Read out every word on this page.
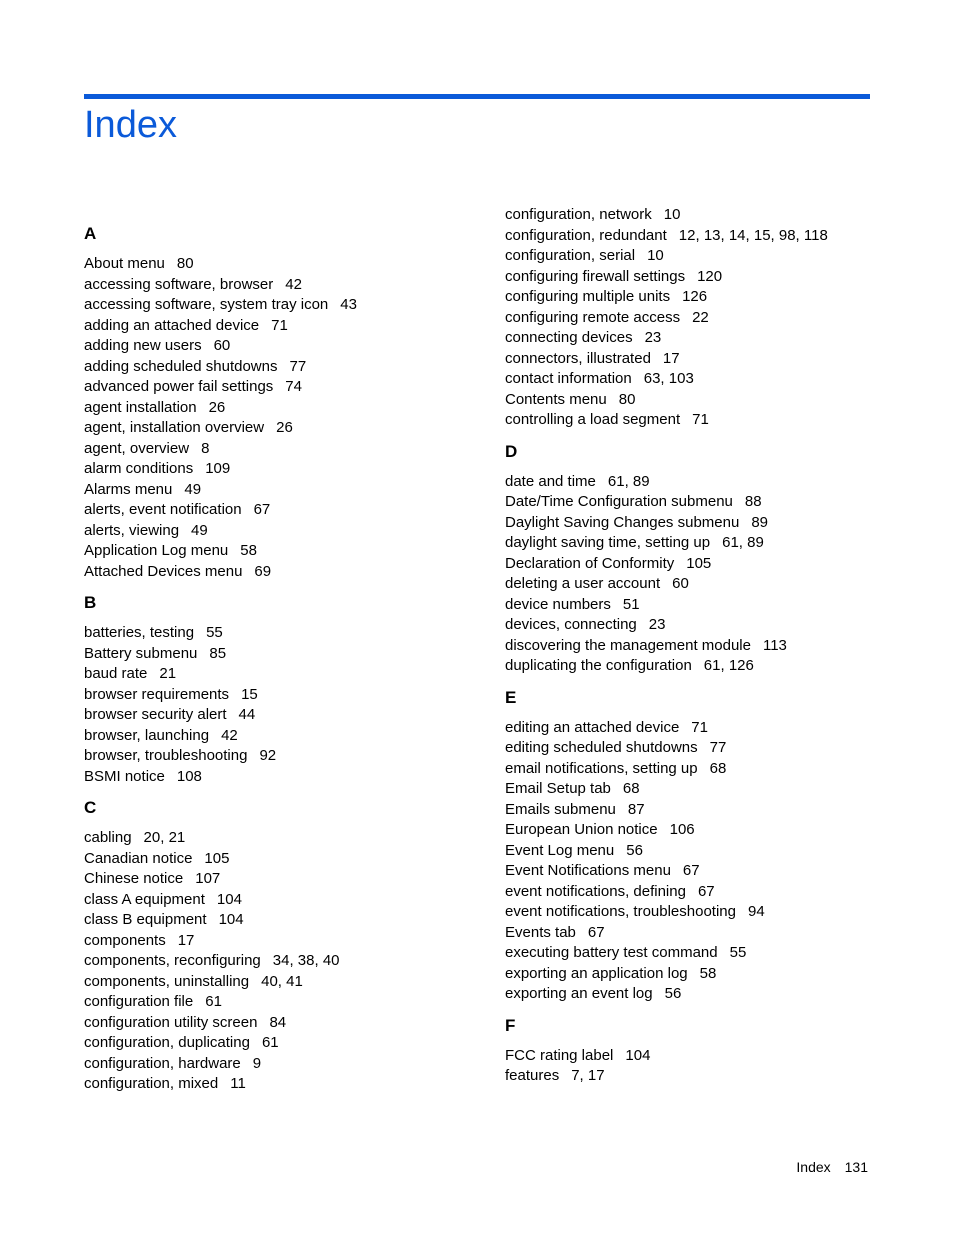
Index
A
About menu 80
accessing software, browser 42
accessing software, system tray icon 43
adding an attached device 71
adding new users 60
adding scheduled shutdowns 77
advanced power fail settings 74
agent installation 26
agent, installation overview 26
agent, overview 8
alarm conditions 109
Alarms menu 49
alerts, event notification 67
alerts, viewing 49
Application Log menu 58
Attached Devices menu 69
B
batteries, testing 55
Battery submenu 85
baud rate 21
browser requirements 15
browser security alert 44
browser, launching 42
browser, troubleshooting 92
BSMI notice 108
C
cabling 20, 21
Canadian notice 105
Chinese notice 107
class A equipment 104
class B equipment 104
components 17
components, reconfiguring 34, 38, 40
components, uninstalling 40, 41
configuration file 61
configuration utility screen 84
configuration, duplicating 61
configuration, hardware 9
configuration, mixed 11
configuration, network 10
configuration, redundant 12, 13, 14, 15, 98, 118
configuration, serial 10
configuring firewall settings 120
configuring multiple units 126
configuring remote access 22
connecting devices 23
connectors, illustrated 17
contact information 63, 103
Contents menu 80
controlling a load segment 71
D
date and time 61, 89
Date/Time Configuration submenu 88
Daylight Saving Changes submenu 89
daylight saving time, setting up 61, 89
Declaration of Conformity 105
deleting a user account 60
device numbers 51
devices, connecting 23
discovering the management module 113
duplicating the configuration 61, 126
E
editing an attached device 71
editing scheduled shutdowns 77
email notifications, setting up 68
Email Setup tab 68
Emails submenu 87
European Union notice 106
Event Log menu 56
Event Notifications menu 67
event notifications, defining 67
event notifications, troubleshooting 94
Events tab 67
executing battery test command 55
exporting an application log 58
exporting an event log 56
F
FCC rating label 104
features 7, 17
Index 131
